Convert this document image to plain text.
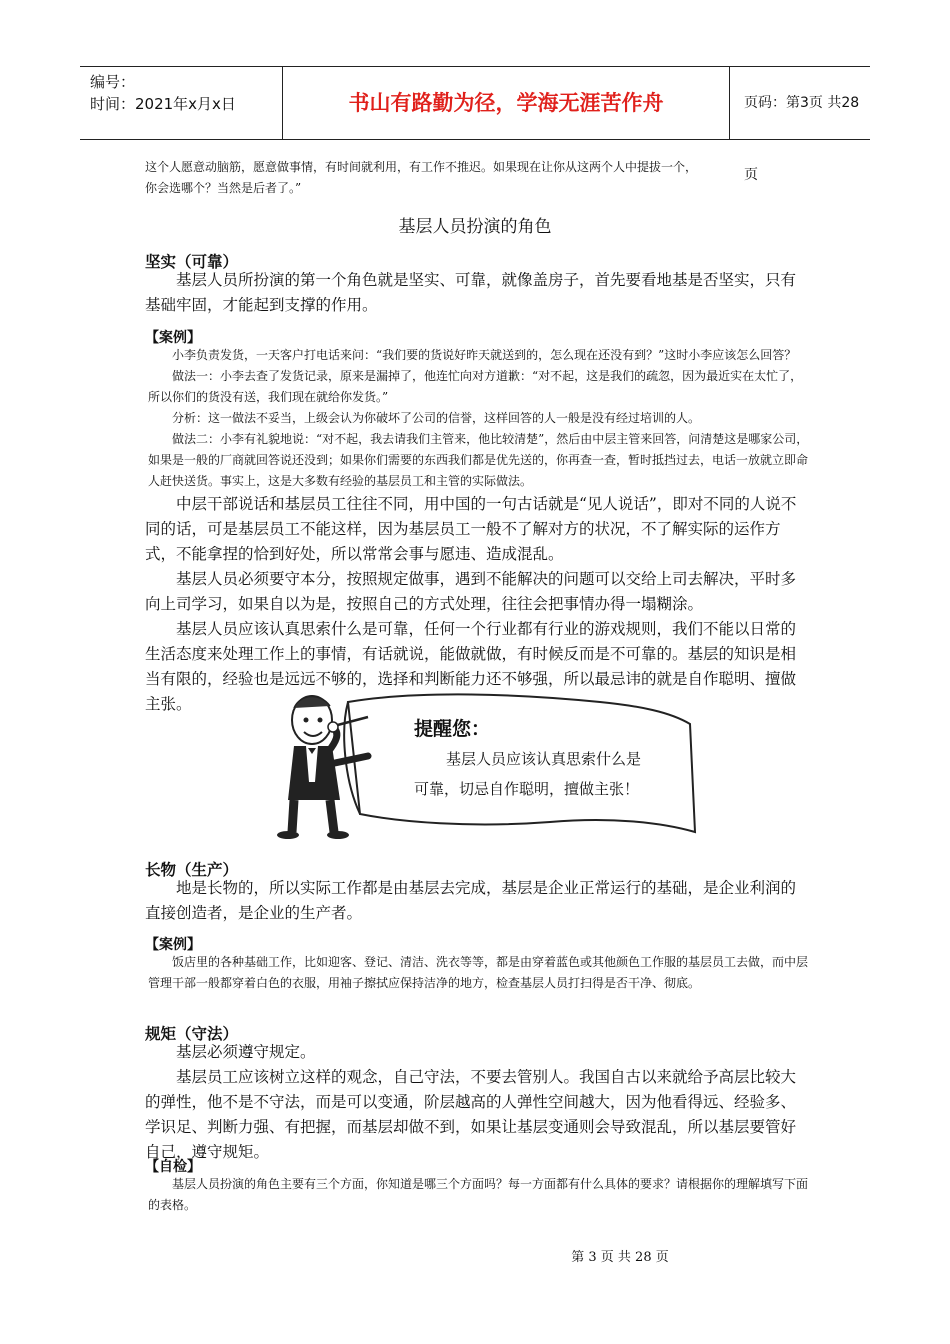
编号：
时间：2021年x月x日	书山有路勤为径，学海无涯苦作舟	页码：第3页 共28页
这个人愿意动脑筋，愿意做事情，有时间就利用，有工作不推迟。如果现在让你从这两个人中提拔一个，
你会选哪个？当然是后者了。”
基层人员扮演的角色
坚实（可靠）

基层人员所扮演的第一个角色就是坚实、可靠，就像盖房子，首先要看地基是否坚实，只有基础牢固，才能起到支撑的作用。

【案例】
小李负责发货，一天客户打电话来问：“我们要的货说好昨天就送到的，怎么现在还没有到？”这时小李应该怎么回答？
做法一：小李去查了发货记录，原来是漏掉了，他连忙向对方道歉：“对不起，这是我们的疏忽，因为最近实在太忙了，所以你们的货没有送，我们现在就给你发货。”
分析：这一做法不妥当，上级会认为你破坏了公司的信誉，这样回答的人一般是没有经过培训的人。
做法二：小李有礼貌地说：“对不起，我去请我们主管来，他比较清楚”，然后由中层主管来回答，问清楚这是哪家公司，如果是一般的厂商就回答说还没到；如果你们需要的东西我们都是优先送的，你再查一查，暂时抵挡过去，电话一放就立即命人赶快送货。事实上，这是大多数有经验的基层员工和主管的实际做法。

中层干部说话和基层员工往往不同，用中国的一句古话就是“见人说话”，即对不同的人说不同的话，可是基层员工不能这样，因为基层员工一般不了解对方的状况，不了解实际的运作方式，不能拿捏的恰到好处，所以常常会事与愿违、造成混乱。

基层人员必须要守本分，按照规定做事，遇到不能解决的问题可以交给上司去解决，平时多向上司学习，如果自以为是，按照自己的方式处理，往往会把事情办得一塌糊涂。

基层人员应该认真思索什么是可靠，任何一个行业都有行业的游戏规则，我们不能以日常的生活态度来处理工作上的事情，有话就说，能做就做，有时候反而是不可靠的。基层的知识是相当有限的，经验也是远远不够的，选择和判断能力还不够强，所以最忌讳的就是自作聪明、擅做主张。

提醒您：
基层人员应该认真思索什么是
可靠，切忌自作聪明，擅做主张！
长物（生产）

地是长物的，所以实际工作都是由基层去完成，基层是企业正常运行的基础，是企业利润的直接创造者，是企业的生产者。

【案例】
饭店里的各种基础工作，比如迎客、登记、清洁、洗衣等等，都是由穿着蓝色或其他颜色工作服的基层员工去做，而中层管理干部一般都穿着白色的衣服，用袖子擦拭应保持洁净的地方，检查基层人员打扫得是否干净、彻底。
规矩（守法）

基层必须遵守规定。

基层员工应该树立这样的观念，自己守法，不要去管别人。我国自古以来就给予高层比较大的弹性，他不是不守法，而是可以变通，阶层越高的人弹性空间越大，因为他看得远、经验多、学识足、判断力强、有把握，而基层却做不到，如果让基层变通则会导致混乱，所以基层要管好自己，遵守规矩。

【自检】
基层人员扮演的角色主要有三个方面，你知道是哪三个方面吗？每一方面都有什么具体的要求？请根据你的理解填写下面的表格。
第 3 页 共 28 页
